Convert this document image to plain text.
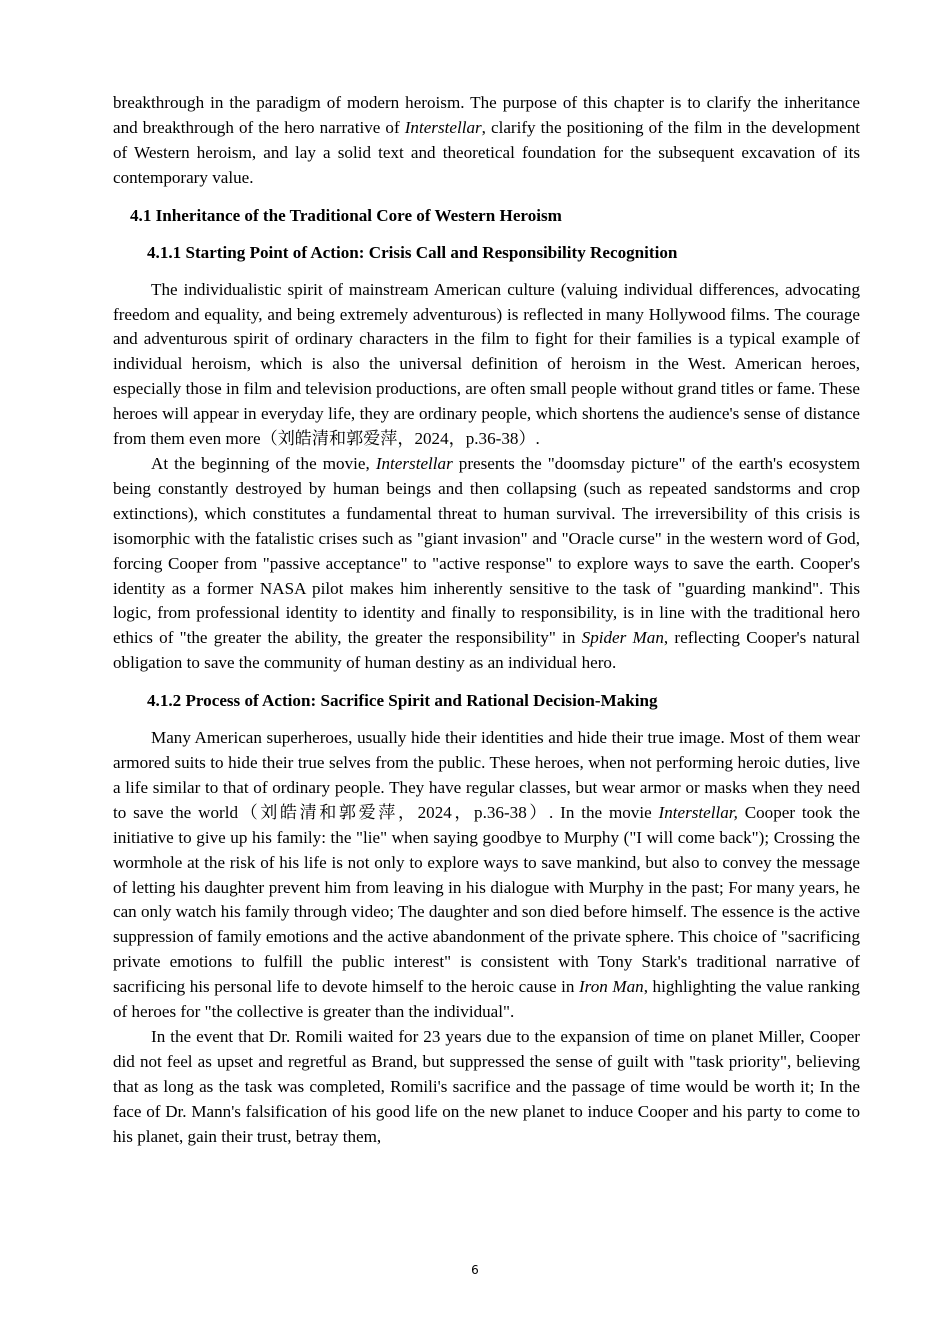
breakthrough in the paradigm of modern heroism. The purpose of this chapter is to clarify the inheritance and breakthrough of the hero narrative of Interstellar, clarify the positioning of the film in the development of Western heroism, and lay a solid text and theoretical foundation for the subsequent excavation of its contemporary value.

4.1 Inheritance of the Traditional Core of Western Heroism
4.1.1 Starting Point of Action: Crisis Call and Responsibility Recognition

The individualistic spirit of mainstream American culture (valuing individual differences, advocating freedom and equality, and being extremely adventurous) is reflected in many Hollywood films. The courage and adventurous spirit of ordinary characters in the film to fight for their families is a typical example of individual heroism, which is also the universal definition of heroism in the West. American heroes, especially those in film and television productions, are often small people without grand titles or fame. These heroes will appear in everyday life, they are ordinary people, which shortens the audience's sense of distance from them even more（刘皓清和郭爱萍，2024，p.36-38）.

At the beginning of the movie, Interstellar presents the "doomsday picture" of the earth's ecosystem being constantly destroyed by human beings and then collapsing (such as repeated sandstorms and crop extinctions), which constitutes a fundamental threat to human survival. The irreversibility of this crisis is isomorphic with the fatalistic crises such as "giant invasion" and "Oracle curse" in the western word of God, forcing Cooper from "passive acceptance" to "active response" to explore ways to save the earth. Cooper's identity as a former NASA pilot makes him inherently sensitive to the task of "guarding mankind". This logic, from professional identity to identity and finally to responsibility, is in line with the traditional hero ethics of "the greater the ability, the greater the responsibility" in Spider Man, reflecting Cooper's natural obligation to save the community of human destiny as an individual hero.

4.1.2 Process of Action: Sacrifice Spirit and Rational Decision-Making

Many American superheroes, usually hide their identities and hide their true image. Most of them wear armored suits to hide their true selves from the public. These heroes, when not performing heroic duties, live a life similar to that of ordinary people. They have regular classes, but wear armor or masks when they need to save the world（刘皓清和郭爱萍，2024，p.36-38）. In the movie Interstellar, Cooper took the initiative to give up his family: the "lie" when saying goodbye to Murphy ("I will come back"); Crossing the wormhole at the risk of his life is not only to explore ways to save mankind, but also to convey the message of letting his daughter prevent him from leaving in his dialogue with Murphy in the past; For many years, he can only watch his family through video; The daughter and son died before himself. The essence is the active suppression of family emotions and the active abandonment of the private sphere. This choice of "sacrificing private emotions to fulfill the public interest" is consistent with Tony Stark's traditional narrative of sacrificing his personal life to devote himself to the heroic cause in Iron Man, highlighting the value ranking of heroes for "the collective is greater than the individual".

In the event that Dr. Romili waited for 23 years due to the expansion of time on planet Miller, Cooper did not feel as upset and regretful as Brand, but suppressed the sense of guilt with "task priority", believing that as long as the task was completed, Romili's sacrifice and the passage of time would be worth it; In the face of Dr. Mann's falsification of his good life on the new planet to induce Cooper and his party to come to his planet, gain their trust, betray them,

6
